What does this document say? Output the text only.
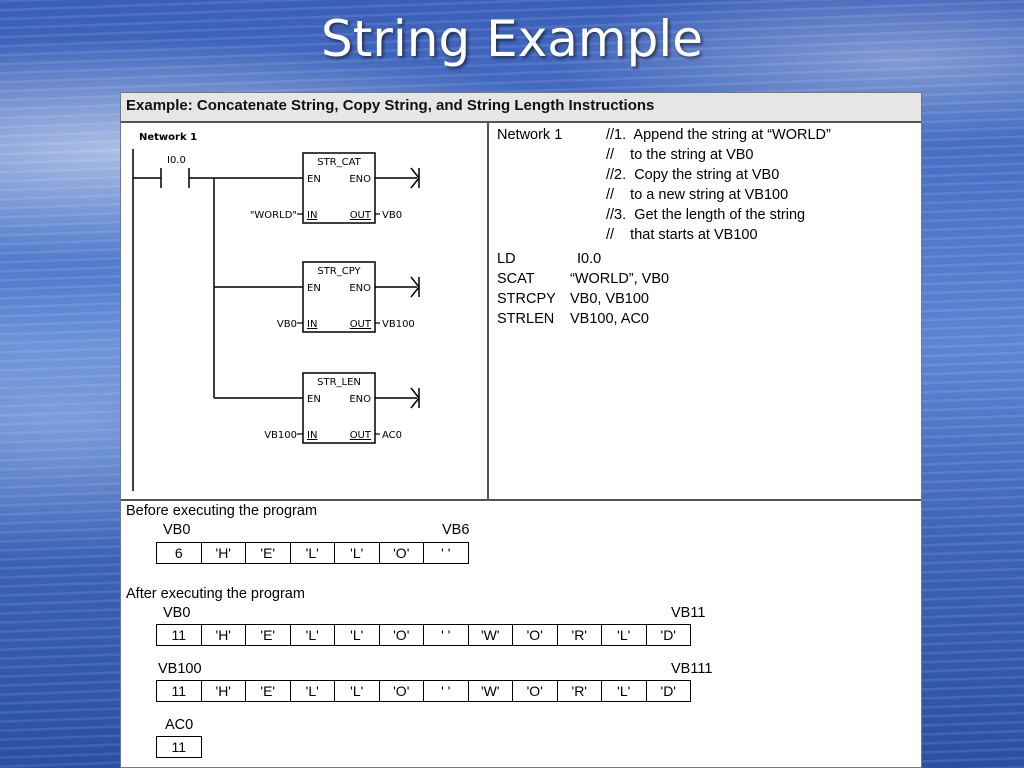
String Example
Example: Concatenate String, Copy String, and String Length Instructions
Network 1
I0.0	STR_CAT
EN	ENO
IN	OUT
"WORLD"	VB0
STR_CPY
EN	ENO
IN	OUT
VB0	VB100
STR_LEN
EN	ENO
IN	OUT
VB100	AC0
Network 1	//1.  Append the string at “WORLD”
//    to the string at VB0
//2.  Copy the string at VB0
//    to a new string at VB100
//3.  Get the length of the string
//    that starts at VB100
LD	I0.0
SCAT “WORLD”, VB0
STRCPY VB0, VB100
STRLEN VB100, AC0
Before executing the program
VB0	VB6
6	'H'	'E'	'L'	'L'	'O'	' '
After executing the program
VB0	VB11
11	'H'	'E'	'L'	'L'	'O'	' '	'W'	'O'	'R'	'L'	'D'
VB100	VB111
11	'H'	'E'	'L'	'L'	'O'	' '	'W'	'O'	'R'	'L'	'D'
AC0
11
